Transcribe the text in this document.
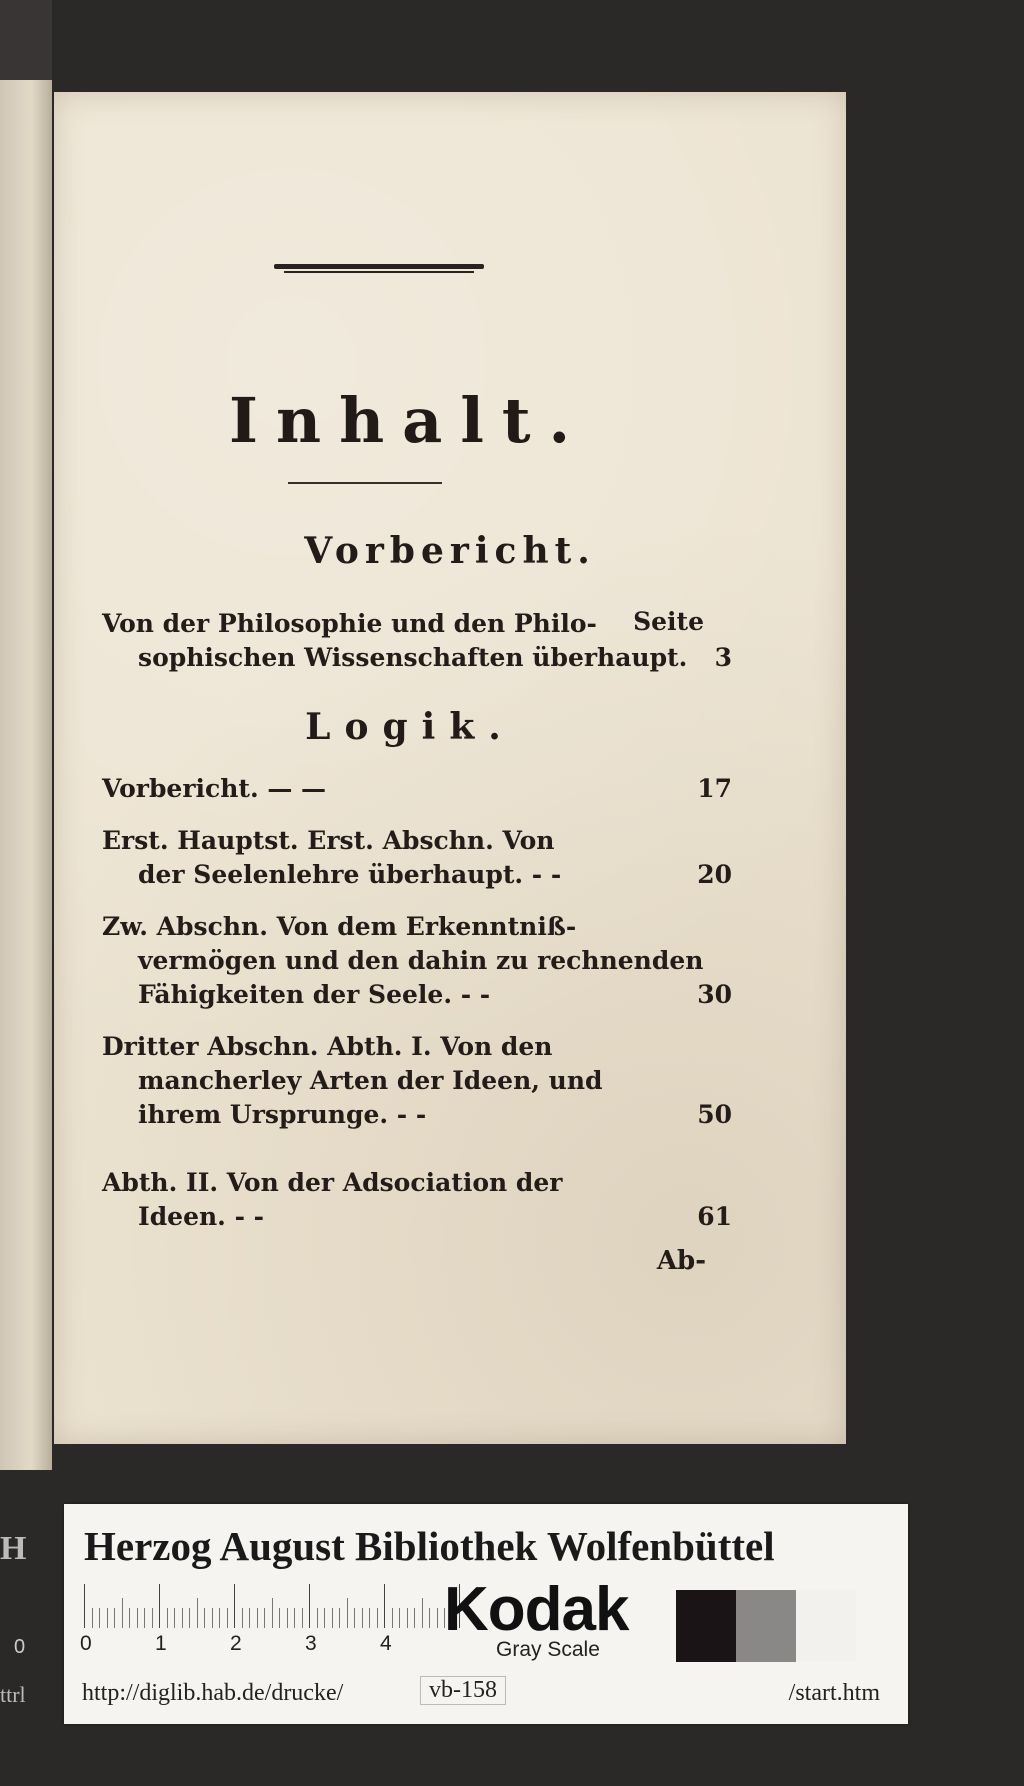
Inhalt.
Vorbericht.
Seite
Von der Philosophie und den Philo-
sophischen Wissenschaften überhaupt.	3
Logik.
Vorbericht. — —	17
Erst. Hauptst. Erst. Abschn. Von
der Seelenlehre überhaupt. - -	20
Zw. Abschn. Von dem Erkenntniß-
vermögen und den dahin zu rechnenden
Fähigkeiten der Seele. - -	30
Dritter Abschn. Abth. I. Von den
mancherley Arten der Ideen, und
ihrem Ursprunge. - -	50
Abth. II. Von der Adsociation der
Ideen. - -	61
Ab-
H
0
ttrl
Herzog August Bibliothek Wolfenbüttel
0	1	2	3	4 Kodak
Gray Scale
http://diglib.hab.de/drucke/	vb-158	/start.htm
